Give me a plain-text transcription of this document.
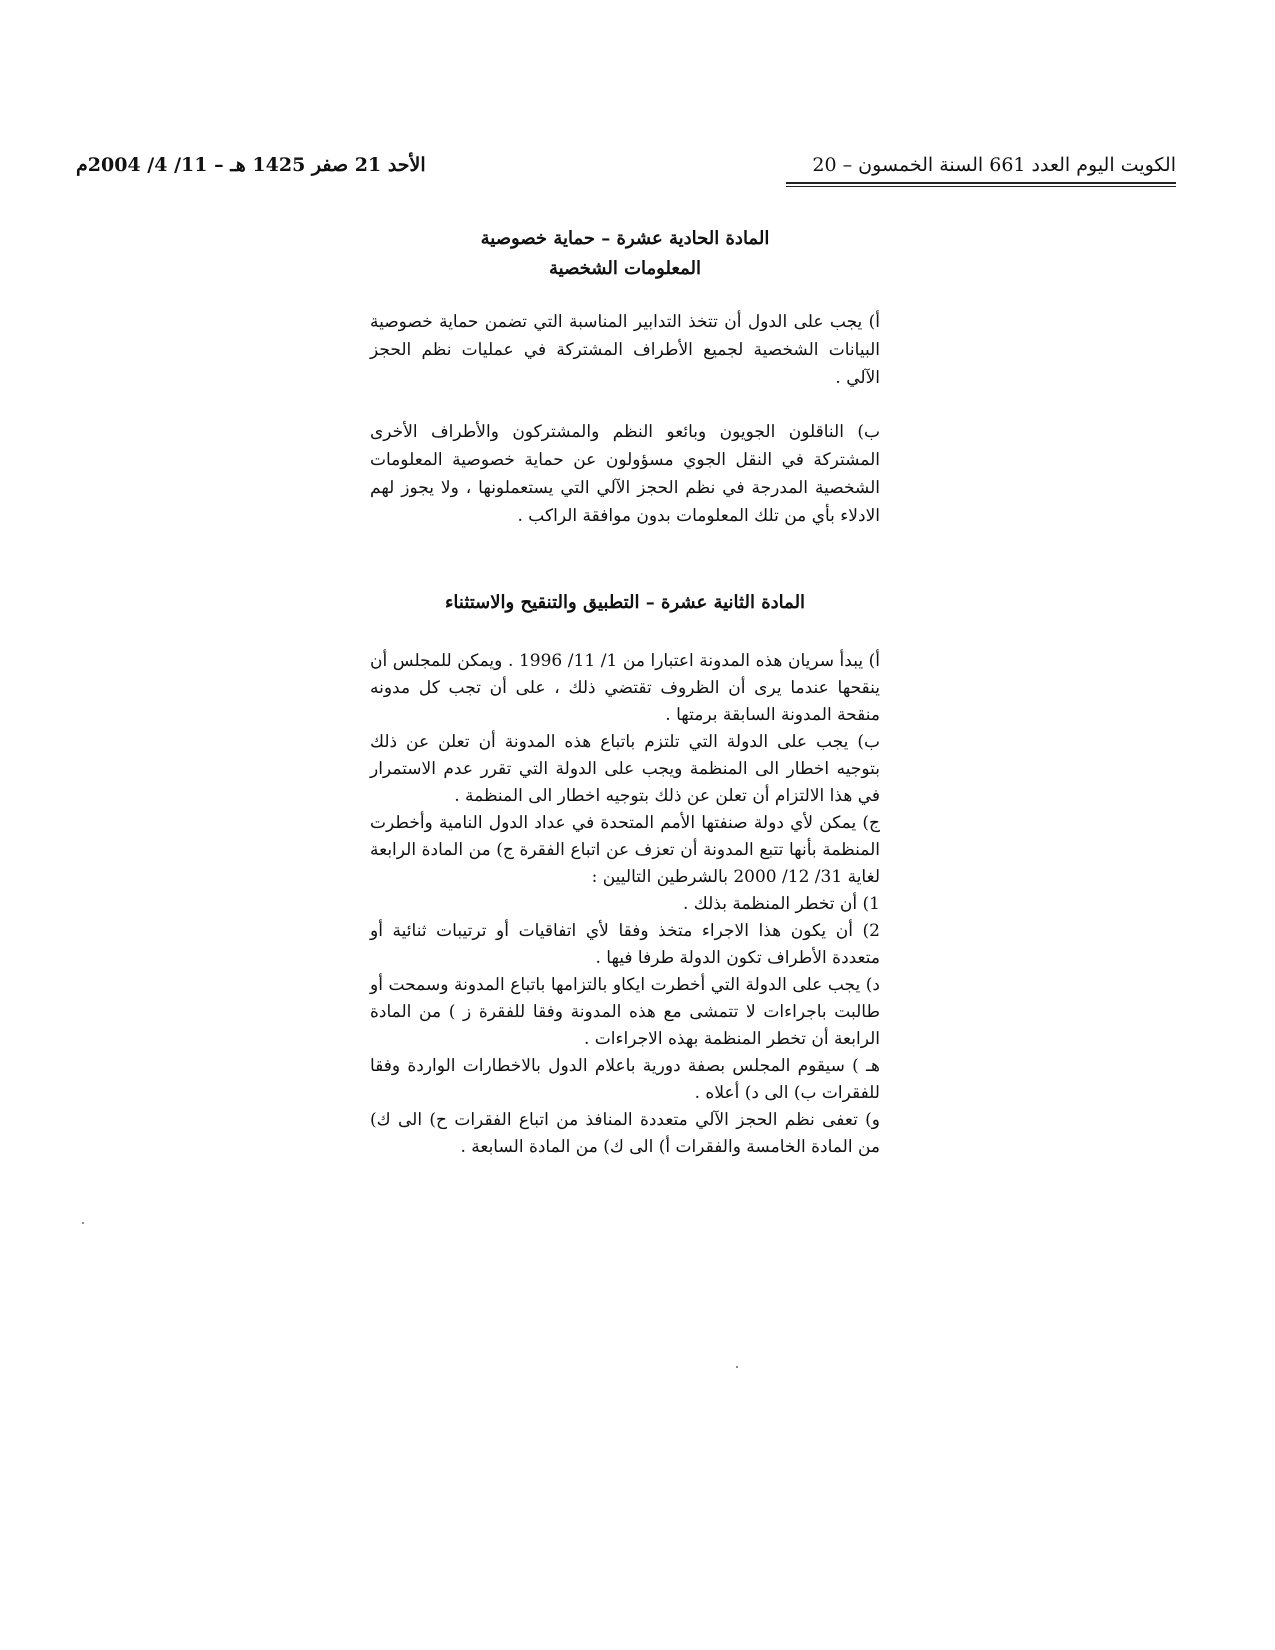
الكويت اليوم العدد 661 السنة الخمسون – 20
الأحد 21 صفر 1425 هـ – 11/ 4/ 2004م
المادة الحادية عشرة – حماية خصوصية
المعلومات الشخصية

أ) يجب على الدول أن تتخذ التدابير المناسبة التي تضمن حماية خصوصية البيانات الشخصية لجميع الأطراف المشتركة في عمليات نظم الحجز الآلي .

ب) الناقلون الجويون وبائعو النظم والمشتركون والأطراف الأخرى المشتركة في النقل الجوي مسؤولون عن حماية خصوصية المعلومات الشخصية المدرجة في نظم الحجز الآلي التي يستعملونها ، ولا يجوز لهم الادلاء بأي من تلك المعلومات بدون موافقة الراكب .

المادة الثانية عشرة – التطبيق والتنقيح والاستثناء

أ) يبدأ سريان هذه المدونة اعتبارا من 1/ 11/ 1996 . ويمكن للمجلس أن ينقحها عندما يرى أن الظروف تقتضي ذلك ، على أن تجب كل مدونه منقحة المدونة السابقة برمتها .

ب) يجب على الدولة التي تلتزم باتباع هذه المدونة أن تعلن عن ذلك بتوجيه اخطار الى المنظمة ويجب على الدولة التي تقرر عدم الاستمرار في هذا الالتزام أن تعلن عن ذلك بتوجيه اخطار الى المنظمة .

ج) يمكن لأي دولة صنفتها الأمم المتحدة في عداد الدول النامية وأخطرت المنظمة بأنها تتبع المدونة أن تعزف عن اتباع الفقرة ج) من المادة الرابعة لغاية 31/ 12/ 2000 بالشرطين التاليين :

1) أن تخطر المنظمة بذلك .

2) أن يكون هذا الاجراء متخذ وفقا لأي اتفاقيات أو ترتيبات ثنائية أو متعددة الأطراف تكون الدولة طرفا فيها .

د) يجب على الدولة التي أخطرت ايكاو بالتزامها باتباع المدونة وسمحت أو طالبت باجراءات لا تتمشى مع هذه المدونة وفقا للفقرة ز ) من المادة الرابعة أن تخطر المنظمة بهذه الاجراءات .

هـ ) سيقوم المجلس بصفة دورية باعلام الدول بالاخطارات الواردة وفقا للفقرات ب) الى د) أعلاه .

و) تعفى نظم الحجز الآلي متعددة المنافذ من اتباع الفقرات ح) الى ك) من المادة الخامسة والفقرات أ) الى ك) من المادة السابعة .
